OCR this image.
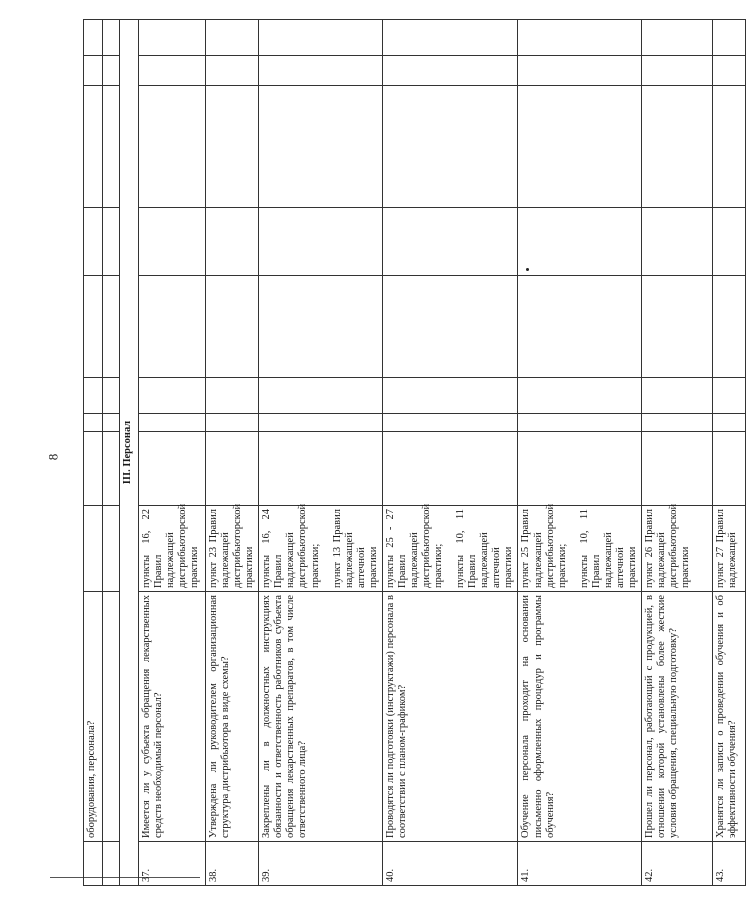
8
	оборудования, персонала?									

III. Персонал										
37.	Имеется ли у субъекта обращения лекарственных средств необходимый персонал?	пункты 16, 22 Правил надлежащей дистрибьюторской практики								

38.	Утверждена ли руководителем организационная структура дистрибьютора в виде схемы?	пункт 23 Правил надлежащей дистрибьюторской практики								

39.	Закреплены ли в должностных инструкциях обязанности и ответственность работников субъекта обращения лекарственных препаратов, в том числе ответственного лица?	пункты 16, 24 Правил надлежащей дистрибьюторской практики; пункт 13 Правил надлежащей аптечной практики								

40.	Проводятся ли подготовки (инструктажи) персонала в соответствии с планом-графиком?	пункты 25 - 27 Правил надлежащей дистрибьюторской практики; пункты 10, 11 Правил надлежащей аптечной практики								

41.	Обучение персонала проходит на основании письменно оформленных процедур и программы обучения?	пункт 25 Правил надлежащей дистрибьюторской практики; пункты 10, 11 Правил надлежащей аптечной практики								

42.	Прошел ли персонал, работающий с продукцией, в отношении которой установлены более жесткие условия обращения, специальную подготовку?	пункт 26 Правил надлежащей дистрибьюторской практики								

43.	Хранятся ли записи о проведении обучения и об эффективности обучения?	пункт 27 Правил надлежащей								
